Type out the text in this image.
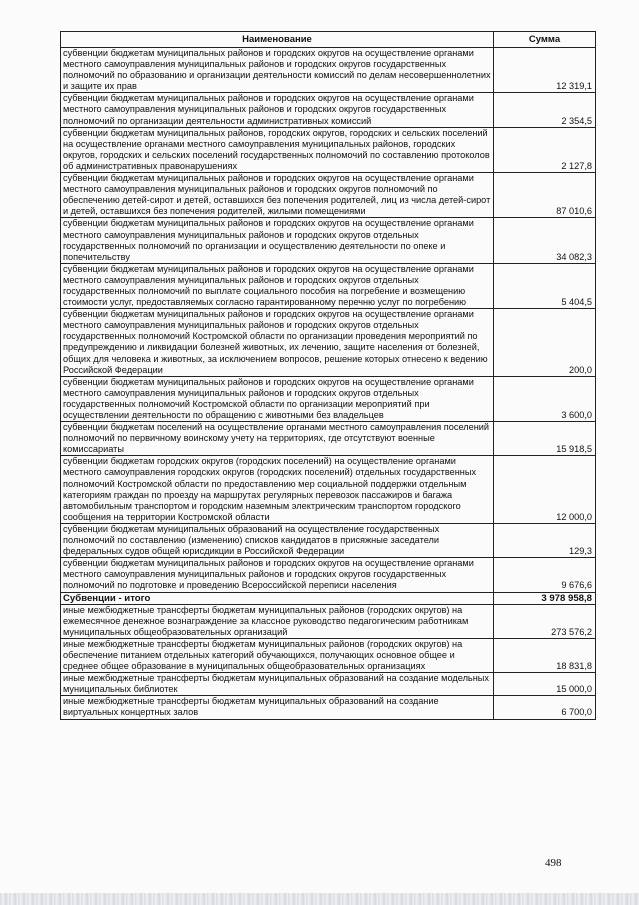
Наименование	Сумма
субвенции бюджетам муниципальных районов и городских округов на осуществление органами местного самоуправления муниципальных районов и городских округов государственных полномочий по образованию и организации деятельности комиссий по делам несовершеннолетних и защите их прав	12 319,1
субвенции бюджетам муниципальных районов и городских округов на осуществление органами местного самоуправления муниципальных районов и городских округов государственных полномочий по организации деятельности административных комиссий	2 354,5
субвенции бюджетам муниципальных районов, городских округов, городских и сельских поселений на осуществление органами местного самоуправления муниципальных районов, городских округов, городских и сельских поселений государственных полномочий по составлению протоколов об административных правонарушениях	2 127,8
субвенции бюджетам муниципальных районов и городских округов на осуществление органами местного самоуправления муниципальных районов и городских округов полномочий по обеспечению детей-сирот и детей, оставшихся без попечения родителей, лиц из числа детей-сирот и детей, оставшихся без попечения родителей, жилыми помещениями	87 010,6
субвенции бюджетам муниципальных районов и городских округов на осуществление органами местного самоуправления муниципальных районов и городских округов отдельных государственных полномочий по организации и осуществлению деятельности по опеке и попечительству	34 082,3
субвенции бюджетам муниципальных районов и городских округов на осуществление органами местного самоуправления муниципальных районов и городских округов отдельных государственных полномочий по выплате социального пособия на погребение и возмещению стоимости услуг, предоставляемых согласно гарантированному перечню услуг по погребению	5 404,5
субвенции бюджетам муниципальных районов и городских округов на осуществление органами местного самоуправления муниципальных районов и городских округов отдельных государственных полномочий Костромской области по организации проведения мероприятий по предупреждению и ликвидации болезней животных, их лечению, защите населения от болезней, общих для человека и животных, за исключением вопросов, решение которых отнесено к ведению Российской Федерации	200,0
субвенции бюджетам муниципальных районов и городских округов на осуществление органами местного самоуправления муниципальных районов и городских округов отдельных государственных полномочий Костромской области по организации мероприятий при осуществлении деятельности по обращению с животными без владельцев	3 600,0
субвенции бюджетам поселений на осуществление органами местного самоуправления поселений полномочий по первичному воинскому учету на территориях, где отсутствуют военные комиссариаты	15 918,5
субвенции бюджетам городских округов (городских поселений) на осуществление органами местного самоуправления городских округов (городских поселений) отдельных государственных полномочий Костромской области по предоставлению мер социальной поддержки отдельным категориям граждан по проезду на маршрутах регулярных перевозок пассажиров и багажа автомобильным транспортом и городским наземным электрическим транспортом городского сообщения на территории Костромской области	12 000,0
субвенции бюджетам муниципальных образований на осуществление государственных полномочий по составлению (изменению) списков кандидатов в присяжные заседатели федеральных судов общей юрисдикции в Российской Федерации	129,3
субвенции бюджетам муниципальных районов и городских округов на осуществление органами местного самоуправления муниципальных районов и городских округов государственных полномочий по подготовке и проведению Всероссийской переписи населения	9 676,6
Субвенции - итого	3 978 958,8
иные межбюджетные трансферты бюджетам муниципальных районов (городских округов) на ежемесячное денежное вознаграждение за классное руководство педагогическим работникам муниципальных общеобразовательных организаций	273 576,2
иные межбюджетные трансферты бюджетам муниципальных районов (городских округов) на обеспечение питанием отдельных категорий обучающихся, получающих основное общее и среднее общее образование в муниципальных общеобразовательных организациях	18 831,8
иные межбюджетные трансферты бюджетам муниципальных образований на создание модельных муниципальных библиотек	15 000,0
иные межбюджетные трансферты бюджетам муниципальных образований на создание виртуальных концертных залов	6 700,0
498
